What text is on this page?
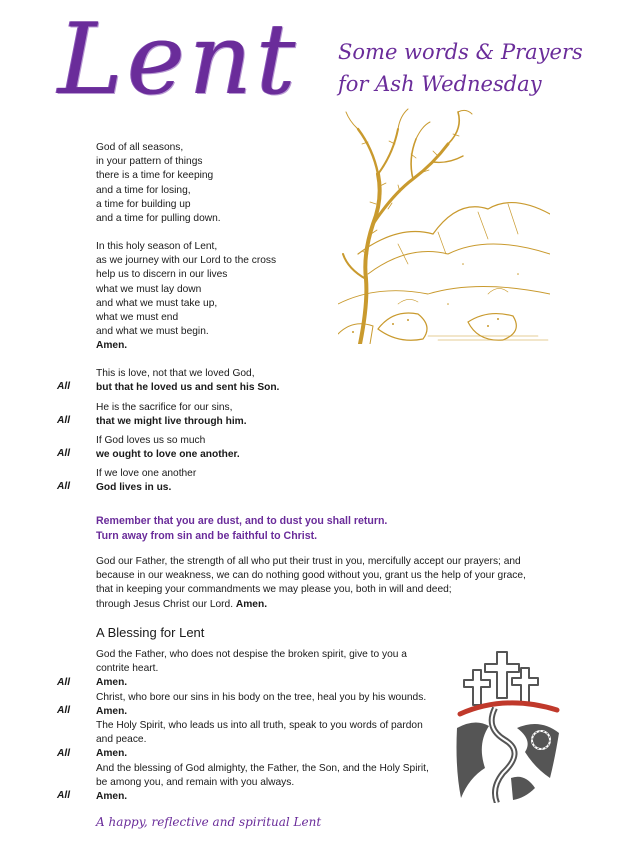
Lent Some words & Prayers
for Ash Wednesday
God of all seasons,
in your pattern of things
there is a time for keeping
and a time for losing,
a time for building up
and a time for pulling down.
In this holy season of Lent,
as we journey with our Lord to the cross
help us to discern in our lives
what we must lay down
and what we must take up,
what we must end
and what we must begin.
Amen.
This is love, not that we loved God,
but that he loved us and sent his Son.
All
He is the sacrifice for our sins,
that we might live through him.
All
If God loves us so much
we ought to love one another.
All
If we love one another
God lives in us.
All
Remember that you are dust, and to dust you shall return.
Turn away from sin and be faithful to Christ.
God our Father, the strength of all who put their trust in you, mercifully accept our prayers; and
because in our weakness, we can do nothing good without you, grant us the help of your grace,
that in keeping your commandments we may please you, both in will and deed;
through Jesus Christ our Lord. Amen.
A Blessing for Lent
God the Father, who does not despise the broken spirit, give to you a
contrite heart.
Amen.
Christ, who bore our sins in his body on the tree, heal you by his wounds.
Amen.
The Holy Spirit, who leads us into all truth, speak to you words of pardon
and peace.
Amen.
And the blessing of God almighty, the Father, the Son, and the Holy Spirit,
be among you, and remain with you always.
Amen.
All
All
All
All
A happy, reflective and spiritual Lent
